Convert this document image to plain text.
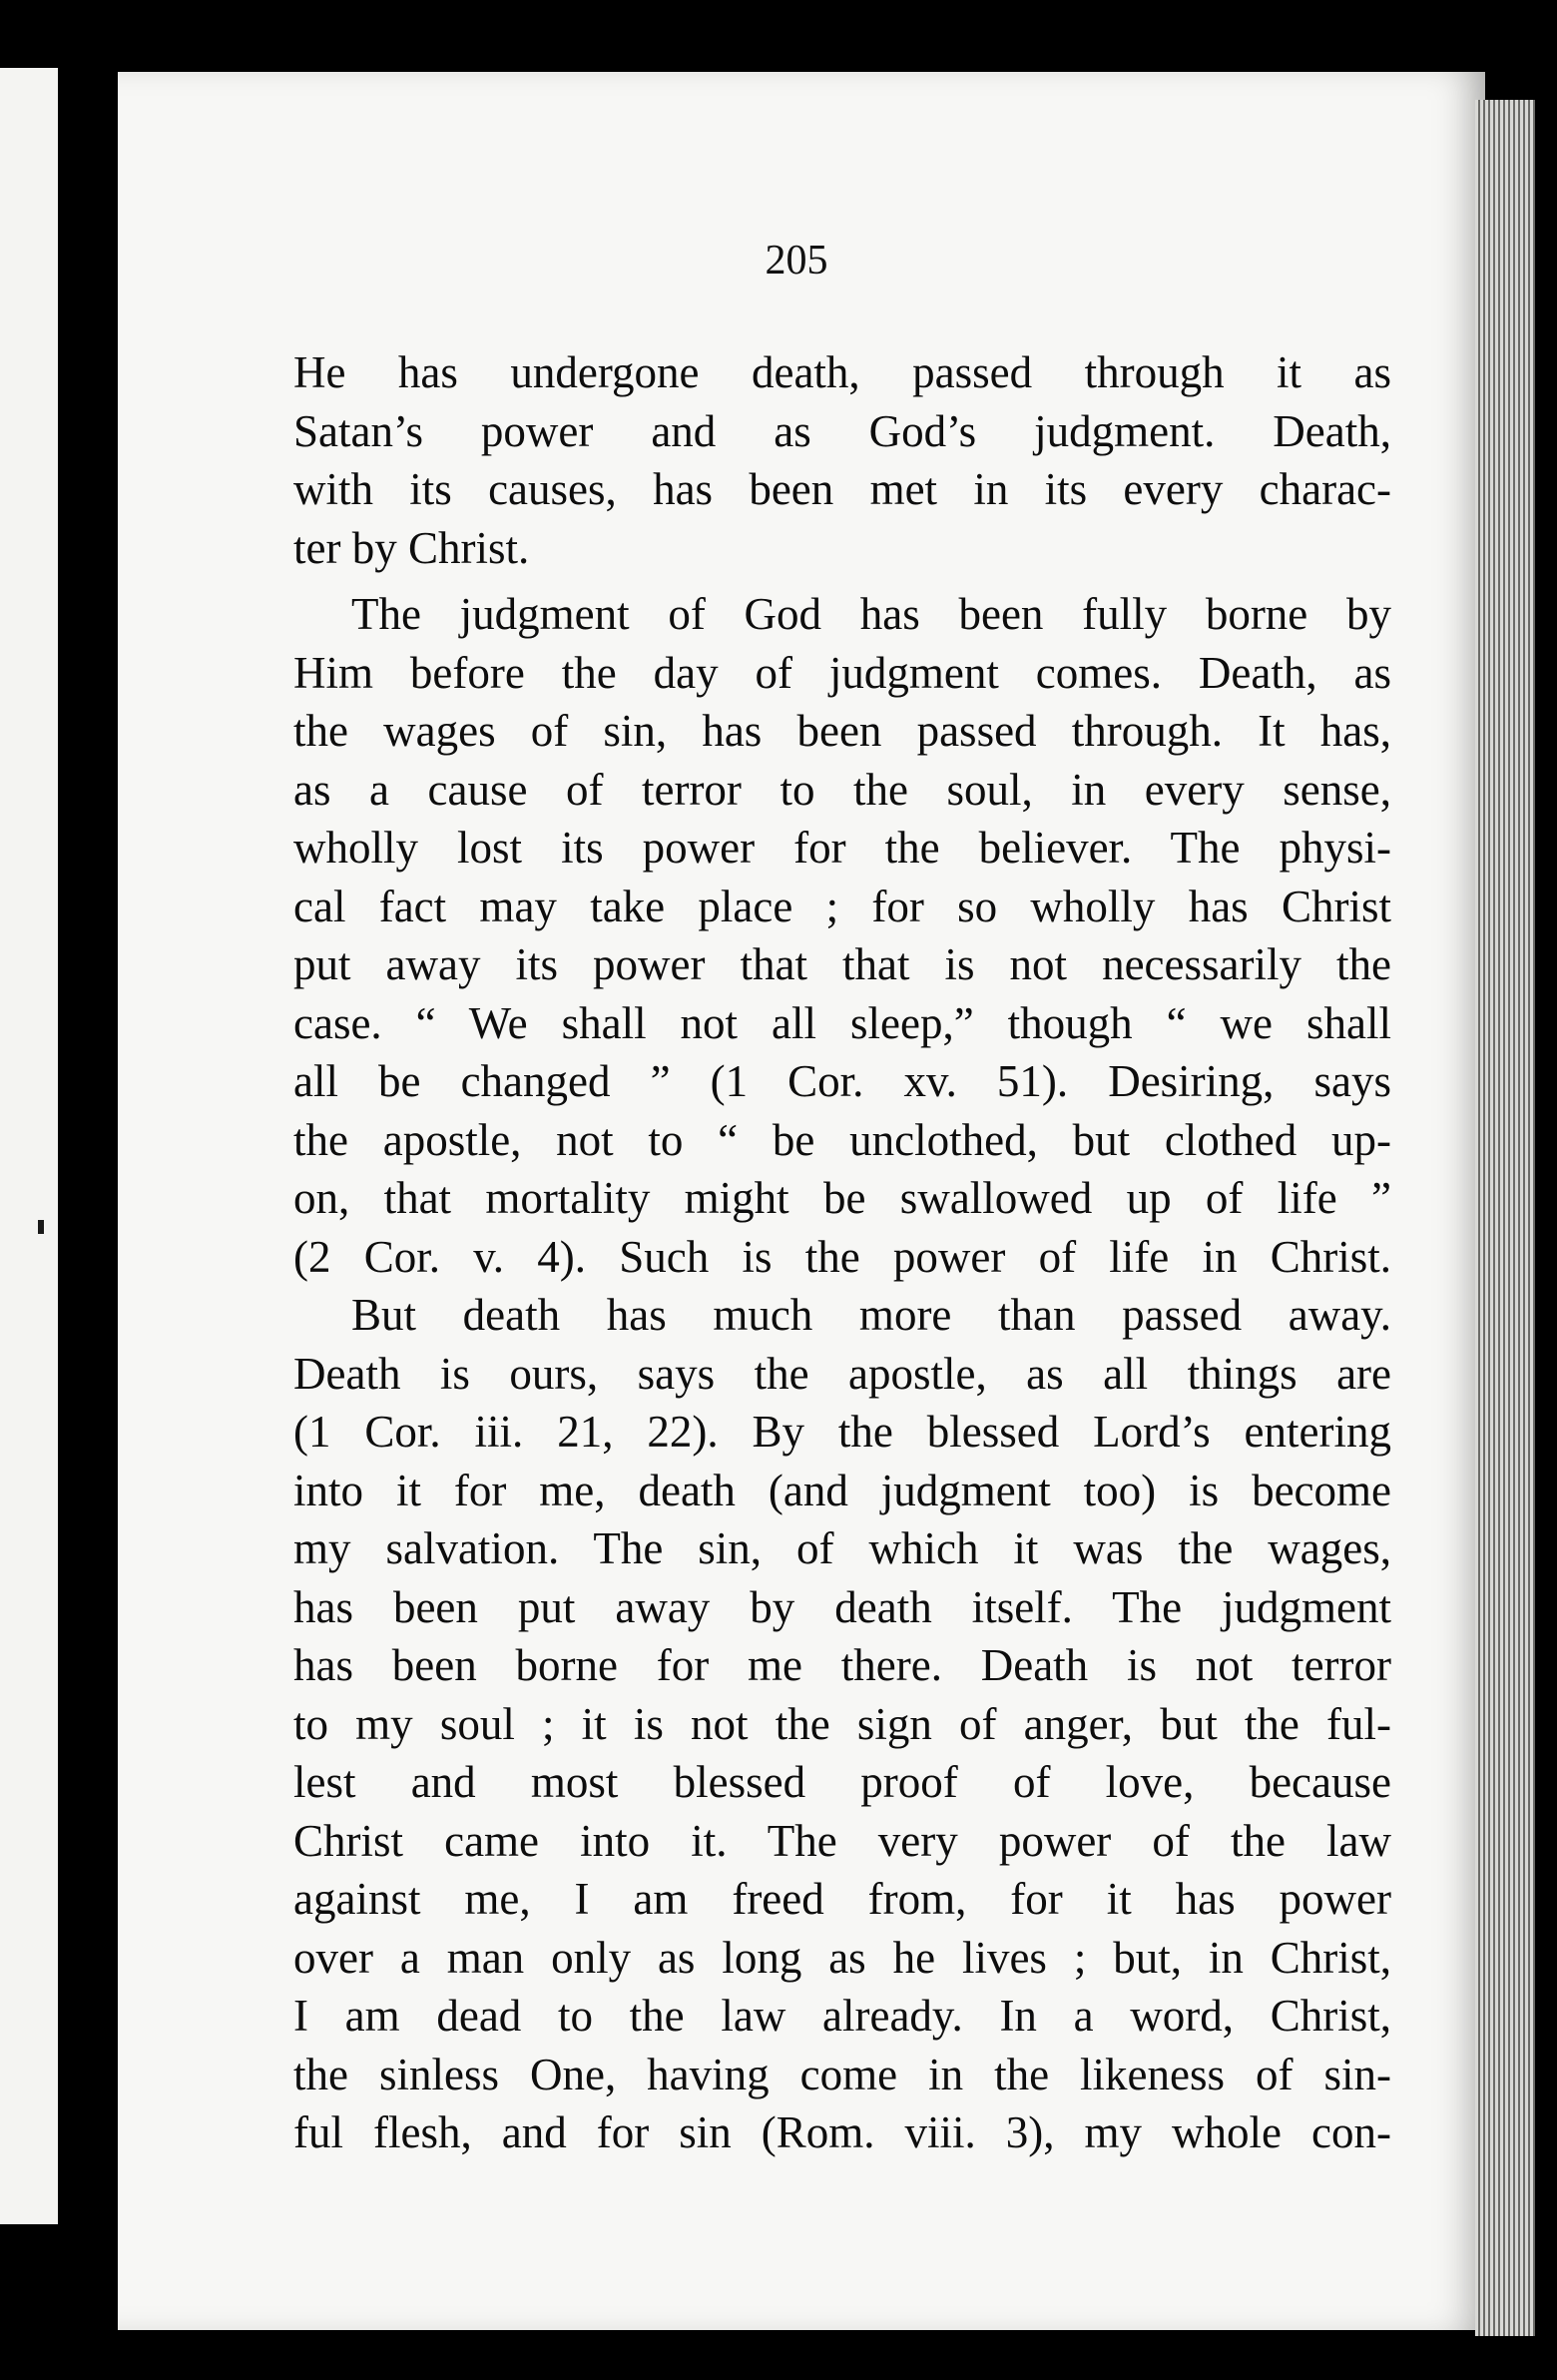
205
He has undergone death, passed through it as
Satan’s power and as God’s judgment. Death,
with its causes, has been met in its every charac-
ter by Christ.
The judgment of God has been fully borne by
Him before the day of judgment comes. Death, as
the wages of sin, has been passed through. It has,
as a cause of terror to the soul, in every sense,
wholly lost its power for the believer. The physi-
cal fact may take place ; for so wholly has Christ
put away its power that that is not necessarily the
case. “ We shall not all sleep,” though “ we shall
all be changed ” (1 Cor. xv. 51). Desiring, says
the apostle, not to “ be unclothed, but clothed up-
on, that mortality might be swallowed up of life ”
(2 Cor. v. 4). Such is the power of life in Christ.
But death has much more than passed away.
Death is ours, says the apostle, as all things are
(1 Cor. iii. 21, 22). By the blessed Lord’s entering
into it for me, death (and judgment too) is become
my salvation. The sin, of which it was the wages,
has been put away by death itself. The judgment
has been borne for me there. Death is not terror
to my soul ; it is not the sign of anger, but the ful-
lest and most blessed proof of love, because
Christ came into it. The very power of the law
against me, I am freed from, for it has power
over a man only as long as he lives ; but, in Christ,
I am dead to the law already. In a word, Christ,
the sinless One, having come in the likeness of sin-
ful flesh, and for sin (Rom. viii. 3), my whole con-
